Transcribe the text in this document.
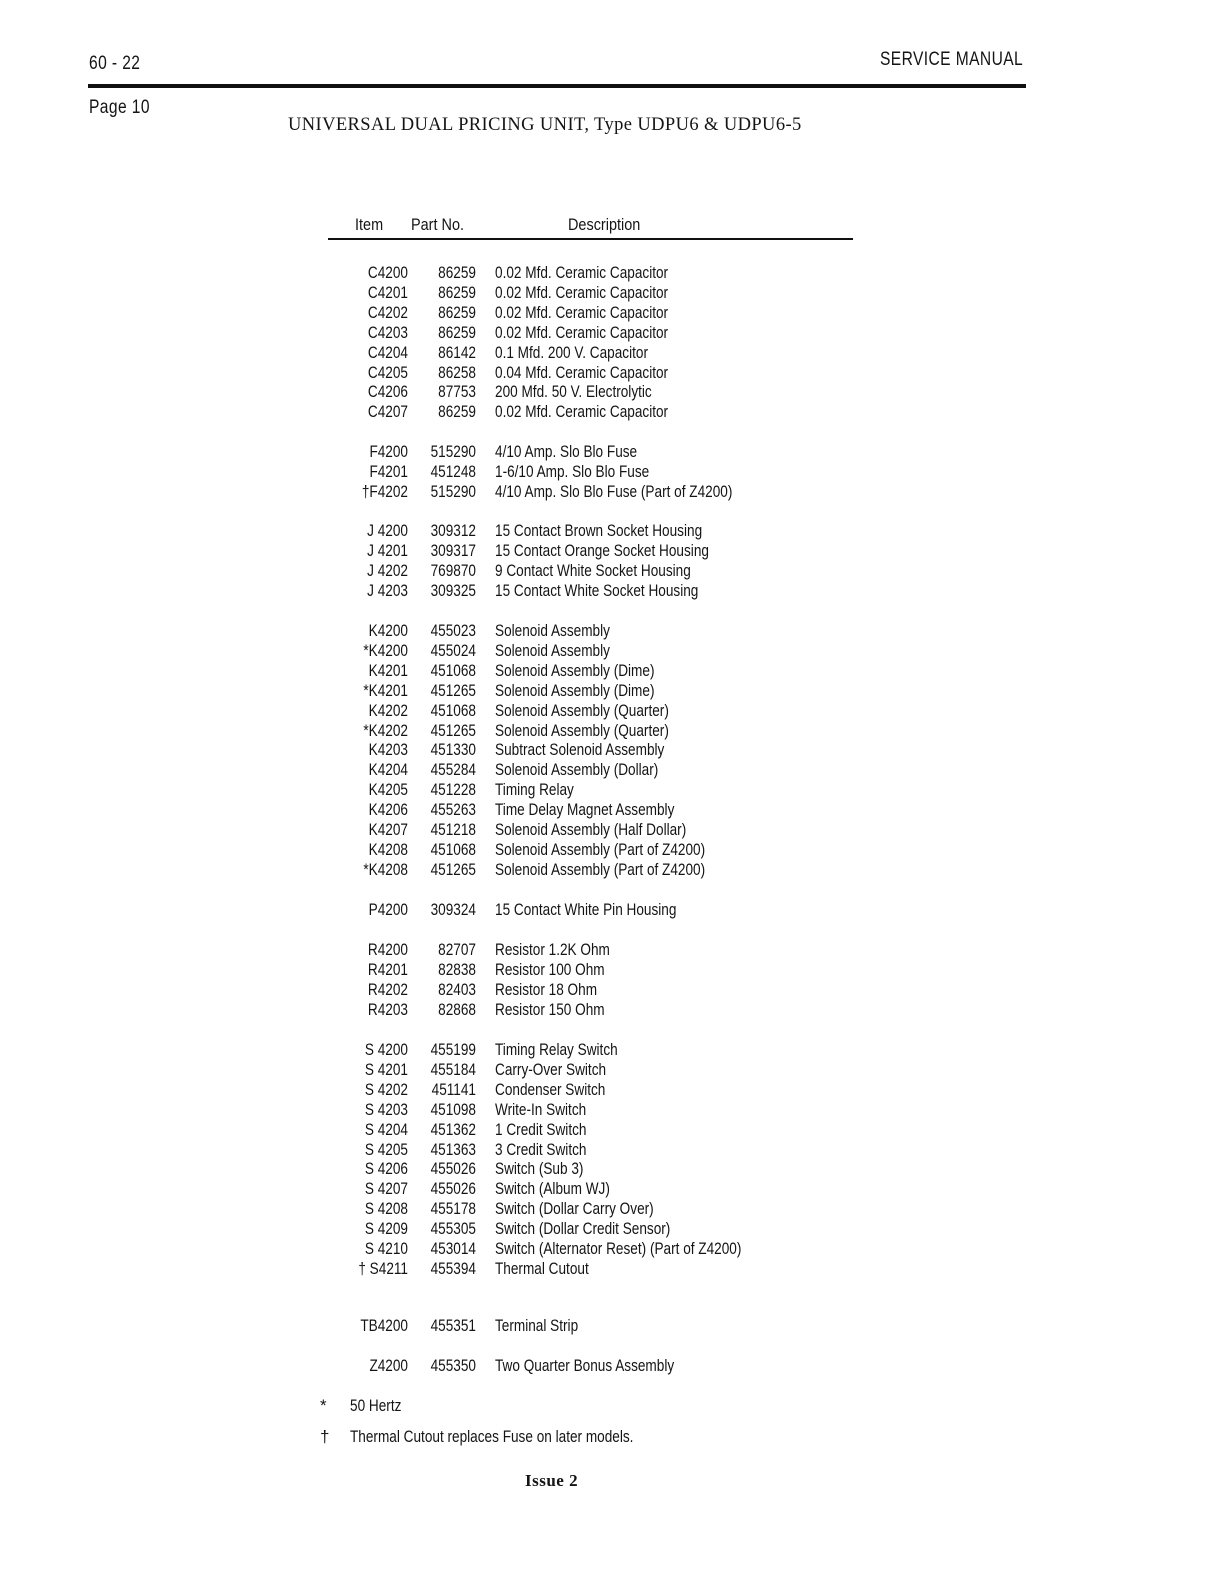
60 - 22
Page 10
SERVICE MANUAL
UNIVERSAL DUAL PRICING UNIT, Type UDPU6 & UDPU6-5
Item Part No.	Description
C4200	86259 0.02 Mfd. Ceramic Capacitor
C4201	86259 0.02 Mfd. Ceramic Capacitor
C4202	86259 0.02 Mfd. Ceramic Capacitor
C4203	86259 0.02 Mfd. Ceramic Capacitor
C4204	86142 0.1 Mfd. 200 V. Capacitor
C4205	86258 0.04 Mfd. Ceramic Capacitor
C4206	87753 200 Mfd. 50 V. Electrolytic
C4207	86259 0.02 Mfd. Ceramic Capacitor
F4200 515290 4/10 Amp. Slo Blo Fuse
F4201 451248 1-6/10 Amp. Slo Blo Fuse
†F4202 515290 4/10 Amp. Slo Blo Fuse (Part of Z4200)
J 4200 309312 15 Contact Brown Socket Housing
J 4201 309317 15 Contact Orange Socket Housing
J 4202 769870 9 Contact White Socket Housing
J 4203 309325 15 Contact White Socket Housing
K4200 455023 Solenoid Assembly
*K4200 455024 Solenoid Assembly
K4201 451068 Solenoid Assembly (Dime)
*K4201 451265 Solenoid Assembly (Dime)
K4202 451068 Solenoid Assembly (Quarter)
*K4202 451265 Solenoid Assembly (Quarter)
K4203 451330 Subtract Solenoid Assembly
K4204 455284 Solenoid Assembly (Dollar)
K4205 451228 Timing Relay
K4206 455263 Time Delay Magnet Assembly
K4207 451218 Solenoid Assembly (Half Dollar)
K4208 451068 Solenoid Assembly (Part of Z4200)
*K4208 451265 Solenoid Assembly (Part of Z4200)
P4200 309324 15 Contact White Pin Housing
R4200	82707 Resistor 1.2K Ohm
R4201	82838 Resistor 100 Ohm
R4202	82403 Resistor 18 Ohm
R4203	82868 Resistor 150 Ohm
S 4200 455199 Timing Relay Switch
S 4201 455184 Carry-Over Switch
S 4202 451141 Condenser Switch
S 4203 451098 Write-In Switch
S 4204 451362 1 Credit Switch
S 4205 451363 3 Credit Switch
S 4206 455026 Switch (Sub 3)
S 4207 455026 Switch (Album WJ)
S 4208 455178 Switch (Dollar Carry Over)
S 4209 455305 Switch (Dollar Credit Sensor)
S 4210 453014 Switch (Alternator Reset) (Part of Z4200)
† S4211 455394 Thermal Cutout
TB4200 455351 Terminal Strip
Z4200 455350 Two Quarter Bonus Assembly
* 50 Hertz
† Thermal Cutout replaces Fuse on later models.
Issue 2
